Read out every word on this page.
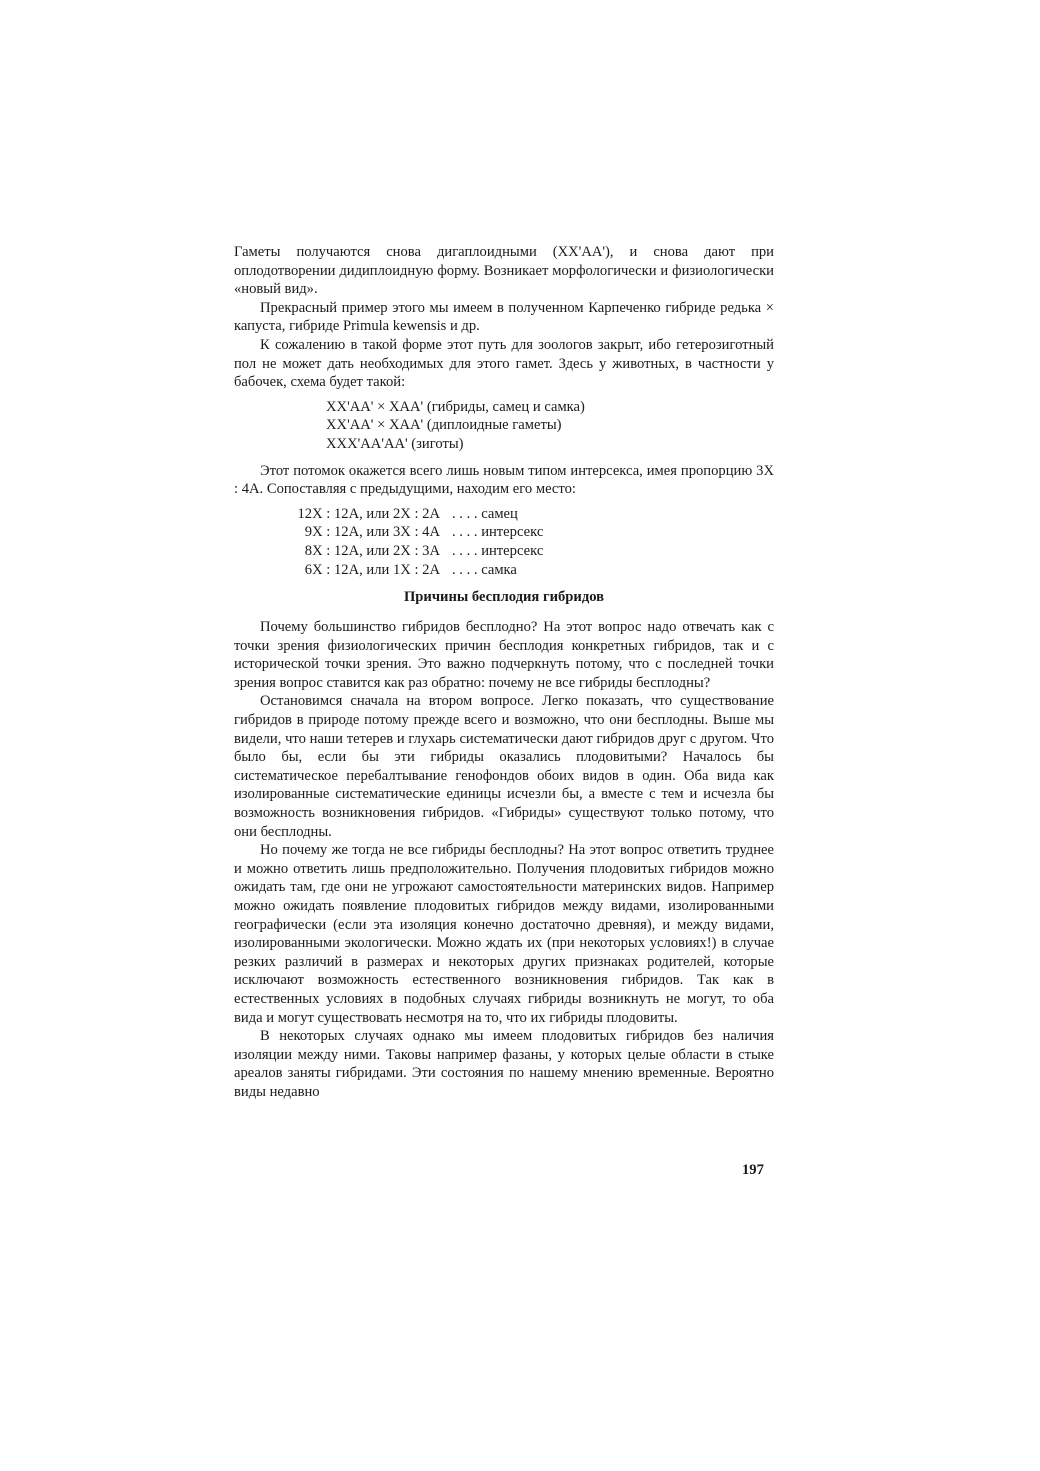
Гаметы получаются снова дигаплоидными (XX'AA'), и снова дают при оплодотворении дидиплоидную форму. Возникает морфологически и физиологически «новый вид».

Прекрасный пример этого мы имеем в полученном Карпеченко гибриде редька × капуста, гибриде Primula kewensis и др.

К сожалению в такой форме этот путь для зоологов закрыт, ибо гетерозиготный пол не может дать необходимых для этого гамет. Здесь у животных, в частности у бабочек, схема будет такой:

XX'AA' × XAA' (гибриды, самец и самка)
XX'AA' × XAA' (диплоидные гаметы)
XXX'AA'AA' (зиготы)

Этот потомок окажется всего лишь новым типом интерсекса, имея пропорцию 3X : 4A. Сопоставляя с предыдущими, находим его место:

12X : 12A, или 2X : 2A . . . . самец
9X : 12A, или 3X : 4A . . . . интерсекс
8X : 12A, или 2X : 3A . . . . интерсекс
6X : 12A, или 1X : 2A . . . . самка
Причины бесплодия гибридов

Почему большинство гибридов бесплодно? На этот вопрос надо отвечать как с точки зрения физиологических причин бесплодия конкретных гибридов, так и с исторической точки зрения. Это важно подчеркнуть потому, что с последней точки зрения вопрос ставится как раз обратно: почему не все гибриды бесплодны?

Остановимся сначала на втором вопросе. Легко показать, что существование гибридов в природе потому прежде всего и возможно, что они бесплодны. Выше мы видели, что наши тетерев и глухарь систематически дают гибридов друг с другом. Что было бы, если бы эти гибриды оказались плодовитыми? Началось бы систематическое перебалтывание генофондов обоих видов в один. Оба вида как изолированные систематические единицы исчезли бы, а вместе с тем и исчезла бы возможность возникновения гибридов. «Гибриды» существуют только потому, что они бесплодны.

Но почему же тогда не все гибриды бесплодны? На этот вопрос ответить труднее и можно ответить лишь предположительно. Получения плодовитых гибридов можно ожидать там, где они не угрожают самостоятельности материнских видов. Например можно ожидать появление плодовитых гибридов между видами, изолированными географически (если эта изоляция конечно достаточно древняя), и между видами, изолированными экологически. Можно ждать их (при некоторых условиях!) в случае резких различий в размерах и некоторых других признаках родителей, которые исключают возможность естественного возникновения гибридов. Так как в естественных условиях в подобных случаях гибриды возникнуть не могут, то оба вида и могут существовать несмотря на то, что их гибриды плодовиты.

В некоторых случаях однако мы имеем плодовитых гибридов без наличия изоляции между ними. Таковы например фазаны, у которых целые области в стыке ареалов заняты гибридами. Эти состояния по нашему мнению временные. Вероятно виды недавно

197
